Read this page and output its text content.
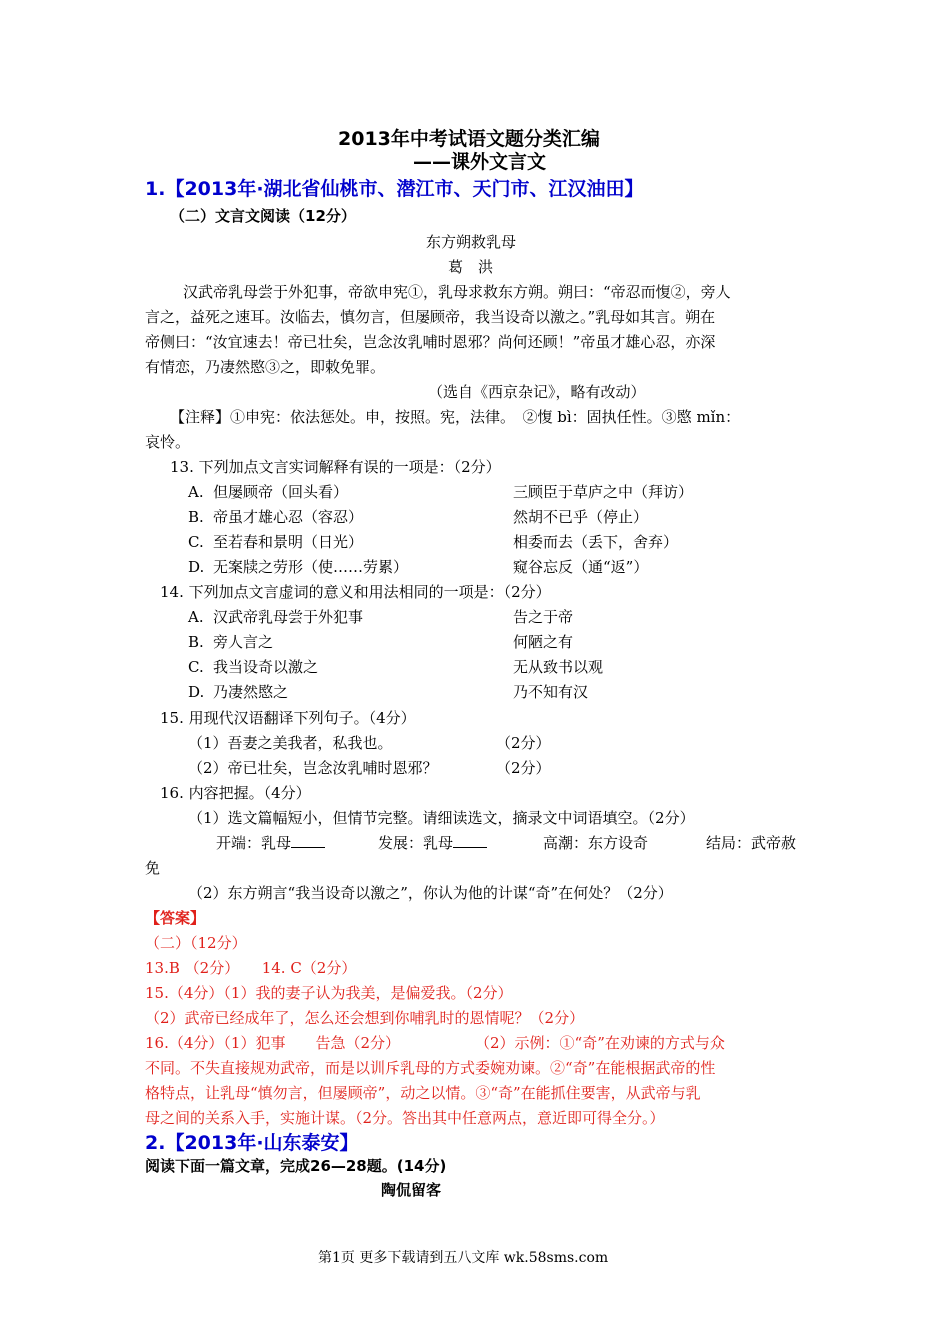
2013年中考试语文题分类汇编
——课外文言文
1.【2013年·湖北省仙桃市、潜江市、天门市、江汉油田】
（二）文言文阅读（12分）
东方朔救乳母
葛　洪
汉武帝乳母尝于外犯事，帝欲申宪①，乳母求救东方朔。朔曰：“帝忍而愎②，旁人
言之，益死之速耳。汝临去，慎勿言，但屡顾帝，我当设奇以激之。”乳母如其言。朔在
帝侧曰：“汝宜速去！帝已壮矣，岂念汝乳哺时恩邪？尚何还顾！”帝虽才雄心忍，亦深
有情恋，乃凄然愍③之，即敕免罪。
（选自《西京杂记》，略有改动）
【注释】①申宪：依法惩处。申，按照。宪，法律。　②愎 bì：固执任性。③愍 mǐn：
哀怜。
13. 下列加点文言实词解释有误的一项是：（2分）
A. 但屡顾帝（回头看）	三顾臣于草庐之中（拜访）
B. 帝虽才雄心忍（容忍）	然胡不已乎（停止）
C. 至若春和景明（日光）	相委而去（丢下，舍弃）
D. 无案牍之劳形（使……劳累）	窥谷忘反（通“返”）
14. 下列加点文言虚词的意义和用法相同的一项是：（2分）
A. 汉武帝乳母尝于外犯事	告之于帝
B. 旁人言之	何陋之有
C. 我当设奇以激之	无从致书以观
D. 乃凄然愍之	乃不知有汉
15. 用现代汉语翻译下列句子。（4分）
（1）吾妻之美我者，私我也。	（2分）
（2）帝已壮矣，岂念汝乳哺时恩邪？	（2分）
16. 内容把握。（4分）
（1）选文篇幅短小，但情节完整。请细读选文，摘录文中词语填空。（2分）
开端：乳母	发展：乳母	高潮：东方设奇	结局：武帝赦
免
（2）东方朔言“我当设奇以激之”，你认为他的计谋“奇”在何处？（2分）
【答案】
（二）（12分）
13.B （2分）　　14. C（2分）
15.（4分）（1）我的妻子认为我美，是偏爱我。（2分）
（2）武帝已经成年了，怎么还会想到你哺乳时的恩情呢？（2分）
16.（4分）（1）犯事　　告急（2分）　　　　　　（2）示例：①“奇”在劝谏的方式与众
不同。不失直接规劝武帝，而是以训斥乳母的方式委婉劝谏。②“奇”在能根据武帝的性
格特点，让乳母“慎勿言，但屡顾帝”，动之以情。③“奇”在能抓住要害，从武帝与乳
母之间的关系入手，实施计谋。（2分。答出其中任意两点，意近即可得全分。）
2.【2013年·山东泰安】
阅读下面一篇文章，完成26—28题。(14分)
陶侃留客
第1页 更多下载请到五八文库 wk.58sms.com
